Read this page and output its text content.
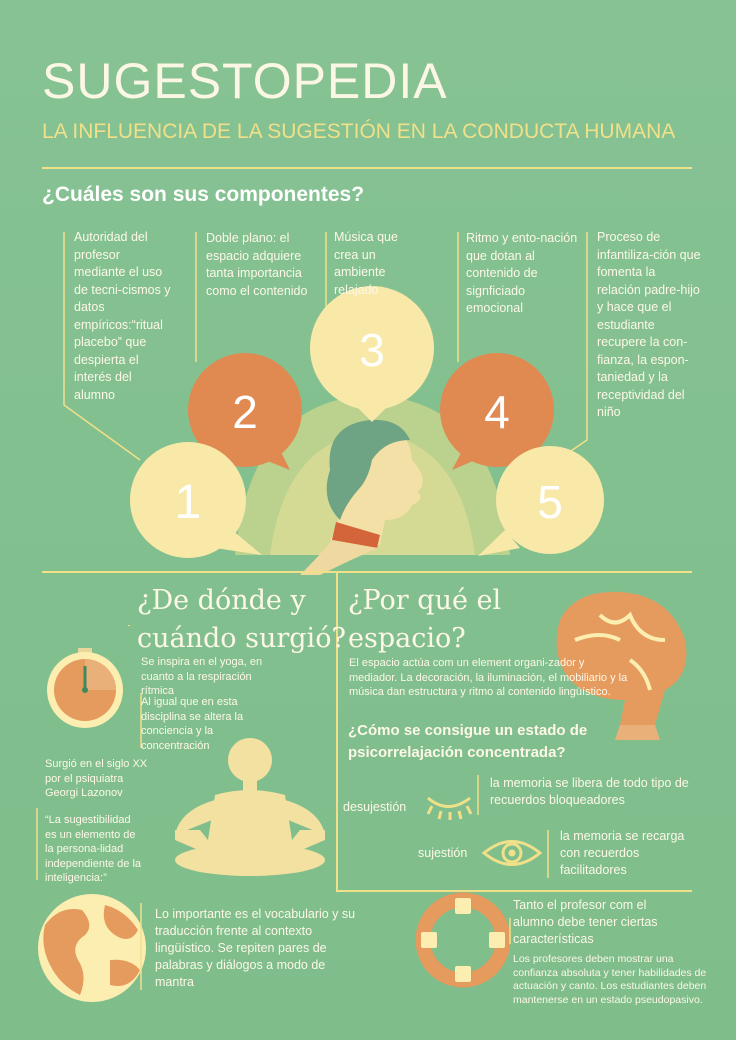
SUGESTOPEDIA
LA INFLUENCIA DE LA SUGESTIÓN EN LA CONDUCTA HUMANA
¿Cuáles son sus componentes?
1
2
3
4
5
Autoridad del profesor mediante el uso de tecni-cismos y datos empíricos:“ritual placebo” que despierta el interés del alumno
Doble plano: el espacio adquiere tanta importancia como el contenido
Música que crea un ambiente relajado
Ritmo y ento-nación que dotan al contenido de signficiado emocional
Proceso de infantiliza-ción que fomenta la relación padre-hijo y hace que el estudiante recupere la con-fianza, la espon-taniedad y la receptividad del niño
¿De dónde y
cuándo surgió?
Se inspira en el yoga, en cuanto a la respiración rítmica
Al igual que en esta disciplina se altera la conciencia y la concentración
Surgió en el siglo XX por el psiquiatra Georgi Lazonov
“La sugestibilidad es un elemento de la persona-lidad independiente de la inteligencia:”
Lo importante es el vocabulario y su traducción frente al contexto lingüístico. Se repiten pares de palabras y diálogos a modo de mantra
¿Por qué el
espacio?
El espacio actúa com un element organi-zador y mediador. La decoración, la iluminación, el mobiliario y la música dan estructura y ritmo al contenido lingüístico.
¿Cómo se consigue un estado de
psicorrelajación concentrada?
desujestión
la memoria se libera de todo tipo de recuerdos bloqueadores
sujestión
la memoria se recarga con recuerdos facilitadores
Tanto el profesor com el alumno debe tener ciertas características
Los profesores deben mostrar una confianza absoluta y tener habilidades de actuación y canto. Los estudiantes deben mantenerse en un estado pseudopasivo.
